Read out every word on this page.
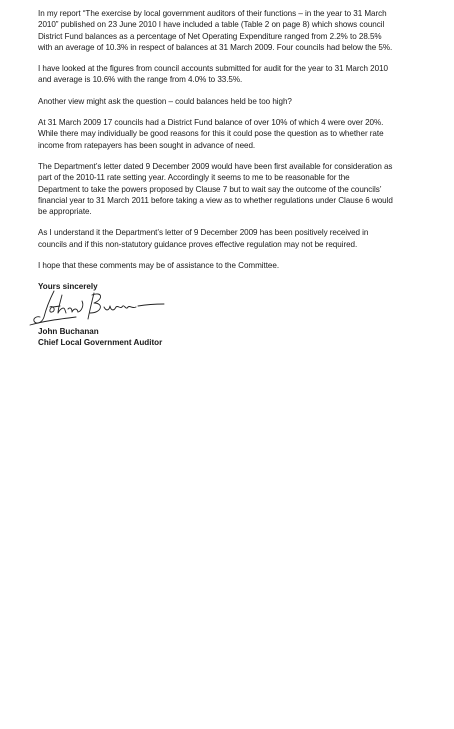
In my report “The exercise by local government auditors of their functions – in the year to 31 March
2010” published on 23 June 2010 I have included a table (Table 2 on page 8) which shows council
District Fund balances as a percentage of Net Operating Expenditure ranged from 2.2% to 28.5%
with an average of 10.3% in respect of balances at 31 March 2009. Four councils had below the 5%.

I have looked at the figures from council accounts submitted for audit for the year to 31 March 2010
and average is 10.6% with the range from 4.0% to 33.5%.

Another view might ask the question – could balances held be too high?

At 31 March 2009 17 councils had a District Fund balance of over 10% of which 4 were over 20%.
While there may individually be good reasons for this it could pose the question as to whether rate
income from ratepayers has been sought in advance of need.

The Department’s letter dated 9 December 2009 would have been first available for consideration as
part of the 2010-11 rate setting year. Accordingly it seems to me to be reasonable for the
Department to take the powers proposed by Clause 7 but to wait say the outcome of the councils’
financial year to 31 March 2011 before taking a view as to whether regulations under Clause 6 would
be appropriate.

As I understand it the Department’s letter of 9 December 2009 has been positively received in
councils and if this non-statutory guidance proves effective regulation may not be required.

I hope that these comments may be of assistance to the Committee.

Yours sincerely

John Buchanan

Chief Local Government Auditor
